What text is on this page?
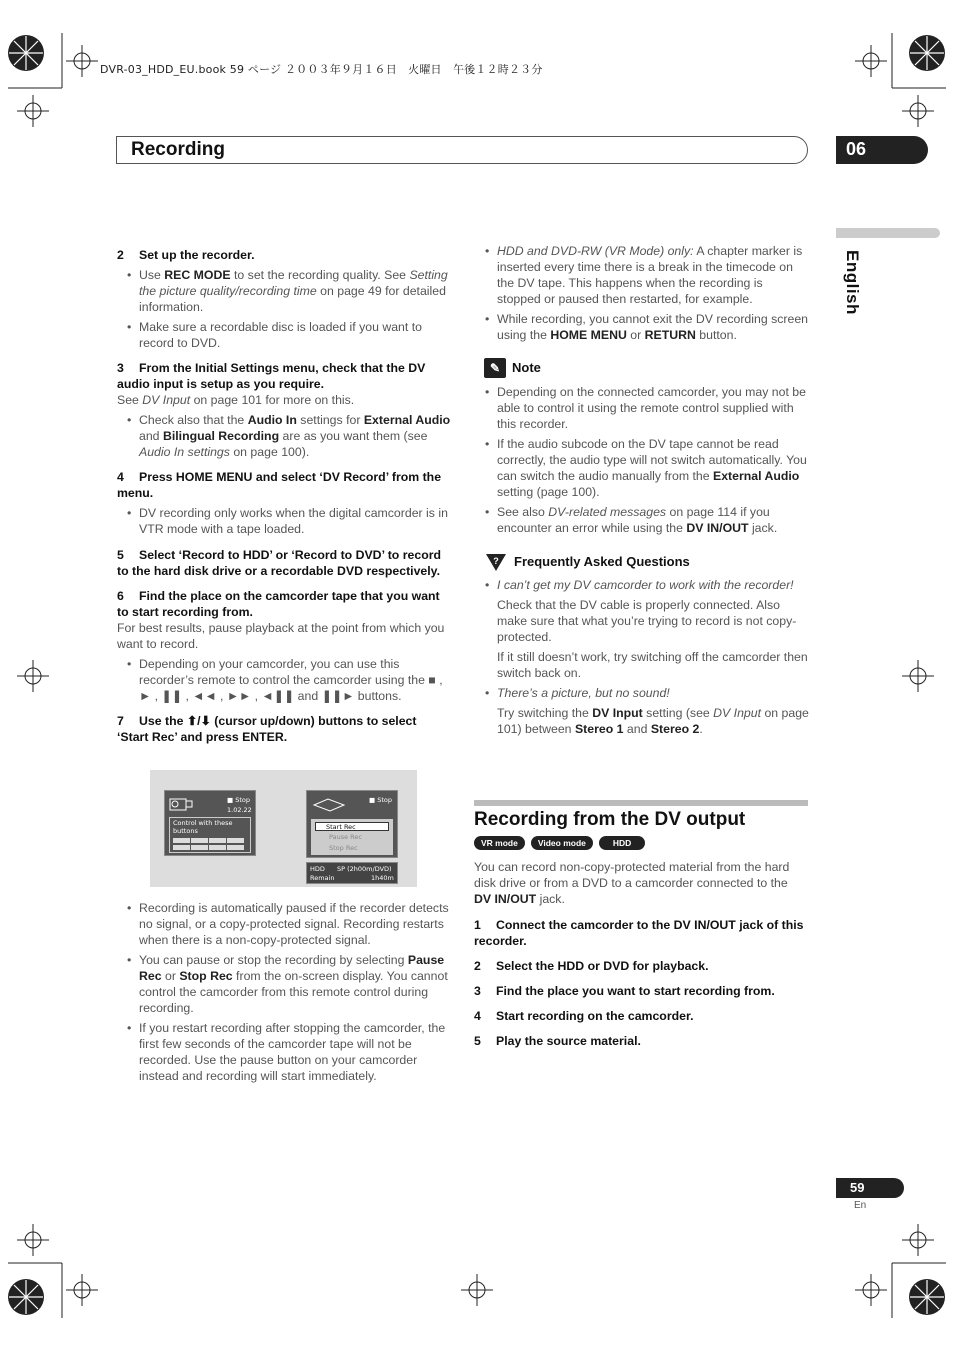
DVR-03_HDD_EU.book 59 ページ ２００３年９月１６日　火曜日　午後１２時２３分
Recording	06
English
2 Set up the recorder.
• Use REC MODE to set the recording quality. See Setting the picture quality/recording time on page 49 for detailed information.
• Make sure a recordable disc is loaded if you want to record to DVD.
3 From the Initial Settings menu, check that the DV audio input is setup as you require.
See DV Input on page 101 for more on this.
• Check also that the Audio In settings for External Audio and Bilingual Recording are as you want them (see Audio In settings on page 100).
4 Press HOME MENU and select ‘DV Record’ from the menu.
• DV recording only works when the digital camcorder is in VTR mode with a tape loaded.
5 Select ‘Record to HDD’ or ‘Record to DVD’ to record to the hard disk drive or a recordable DVD respectively.
6 Find the place on the camcorder tape that you want to start recording from.
For best results, pause playback at the point from which you want to record.
• Depending on your camcorder, you can use this recorder’s remote to control the camcorder using the ■ , ► , ❚❚ , ◄◄ , ►► , ◄❚❚ and ❚❚► buttons.
7 Use the ⬆/⬇ (cursor up/down) buttons to select ‘Start Rec’ and press ENTER.
■ Stop
1.02.22
Control with these
buttons
■ Stop
Start Rec
Pause Rec
Stop Rec
HDD SP (2h00m/DVD)
Remain	1h40m
• Recording is automatically paused if the recorder detects no signal, or a copy-protected signal. Recording restarts when there is a non-copy-protected signal.
• You can pause or stop the recording by selecting Pause Rec or Stop Rec from the on-screen display. You cannot control the camcorder from this remote control during recording.
• If you restart recording after stopping the camcorder, the first few seconds of the camcorder tape will not be recorded. Use the pause button on your camcorder instead and recording will start immediately.
• HDD and DVD-RW (VR Mode) only: A chapter marker is inserted every time there is a break in the timecode on the DV tape. This happens when the recording is stopped or paused then restarted, for example.
• While recording, you cannot exit the DV recording screen using the HOME MENU or RETURN button.
✎ Note
• Depending on the connected camcorder, you may not be able to control it using the remote control supplied with this recorder.
• If the audio subcode on the DV tape cannot be read correctly, the audio type will not switch automatically. You can switch the audio manually from the External Audio setting (page 100).
• See also DV-related messages on page 114 if you encounter an error while using the DV IN/OUT jack.
? Frequently Asked Questions
• I can’t get my DV camcorder to work with the recorder!
Check that the DV cable is properly connected. Also make sure that what you’re trying to record is not copy-protected.
If it still doesn’t work, try switching off the camcorder then switch back on.
• There’s a picture, but no sound!
Try switching the DV Input setting (see DV Input on page 101) between Stereo 1 and Stereo 2.
Recording from the DV output
VR mode	Video mode	HDD
You can record non-copy-protected material from the hard disk drive or from a DVD to a camcorder connected to the DV IN/OUT jack.
1 Connect the camcorder to the DV IN/OUT jack of this recorder.
2 Select the HDD or DVD for playback.
3 Find the place you want to start recording from.
4 Start recording on the camcorder.
5 Play the source material.
59
En
